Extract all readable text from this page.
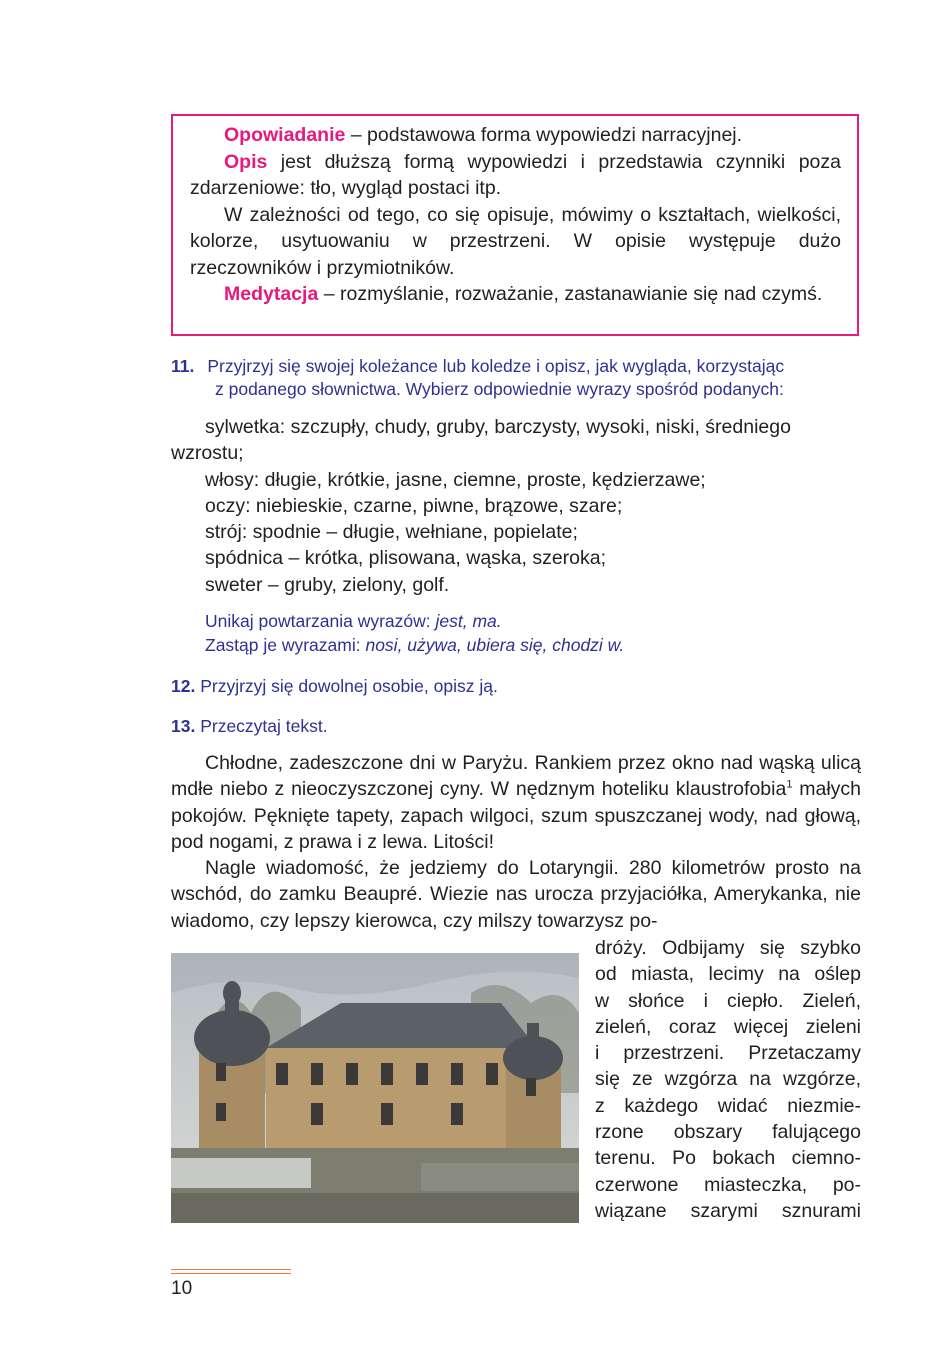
Opowiadanie – podstawowa forma wypowiedzi narracyjnej.

Opis jest dłuższą formą wypowiedzi i przedstawia czynniki poza zdarzeniowe: tło, wygląd postaci itp.

W zależności od tego, co się opisuje, mówimy o kształtach, wielkości, kolorze, usytuowaniu w przestrzeni. W opisie występuje dużo rzeczowników i przymiotników.

Medytacja – rozmyślanie, rozważanie, zastanawianie się nad czymś.

11. Przyjrzyj się swojej koleżance lub koledze i opisz, jak wygląda, korzystając
z podanego słownictwa. Wybierz odpowiednie wyrazy spośród podanych:

sylwetka: szczupły, chudy, gruby, barczysty, wysoki, niski, średniego wzrostu;

włosy: długie, krótkie, jasne, ciemne, proste, kędzierzawe;

oczy: niebieskie, czarne, piwne, brązowe, szare;

strój: spodnie – długie, wełniane, popielate;

spódnica – krótka, plisowana, wąska, szeroka;

sweter – gruby, zielony, golf.

Unikaj powtarzania wyrazów: jest, ma.

Zastąp je wyrazami: nosi, używa, ubiera się, chodzi w.

12. Przyjrzyj się dowolnej osobie, opisz ją.
13. Przeczytaj tekst.

Chłodne, zadeszczone dni w Paryżu. Rankiem przez okno nad wąską ulicą mdłe niebo z nieoczyszczonej cyny. W nędznym hoteliku klaustrofobia$^1$ małych pokojów. Pęknięte tapety, zapach wilgoci, szum spuszczanej wody, nad głową, pod nogami, z prawa i z lewa. Litości!

Nagle wiadomość, że jedziemy do Lotaryngii. 280 kilometrów prosto na wschód, do zamku Beaupré. Wiezie nas urocza przyjaciółka, Amerykanka, nie wiadomo, czy lepszy kierowca, czy milszy towarzysz po-

dróży. Odbijamy się szybko

od miasta, lecimy na oślep

w słońce i ciepło. Zieleń,

zieleń, coraz więcej zieleni

i przestrzeni. Przetaczamy

się ze wzgórza na wzgórze,

z każdego widać niezmie-

rzone obszary falującego

terenu. Po bokach ciemno-

czerwone miasteczka, po-

wiązane szarymi sznurami

10
